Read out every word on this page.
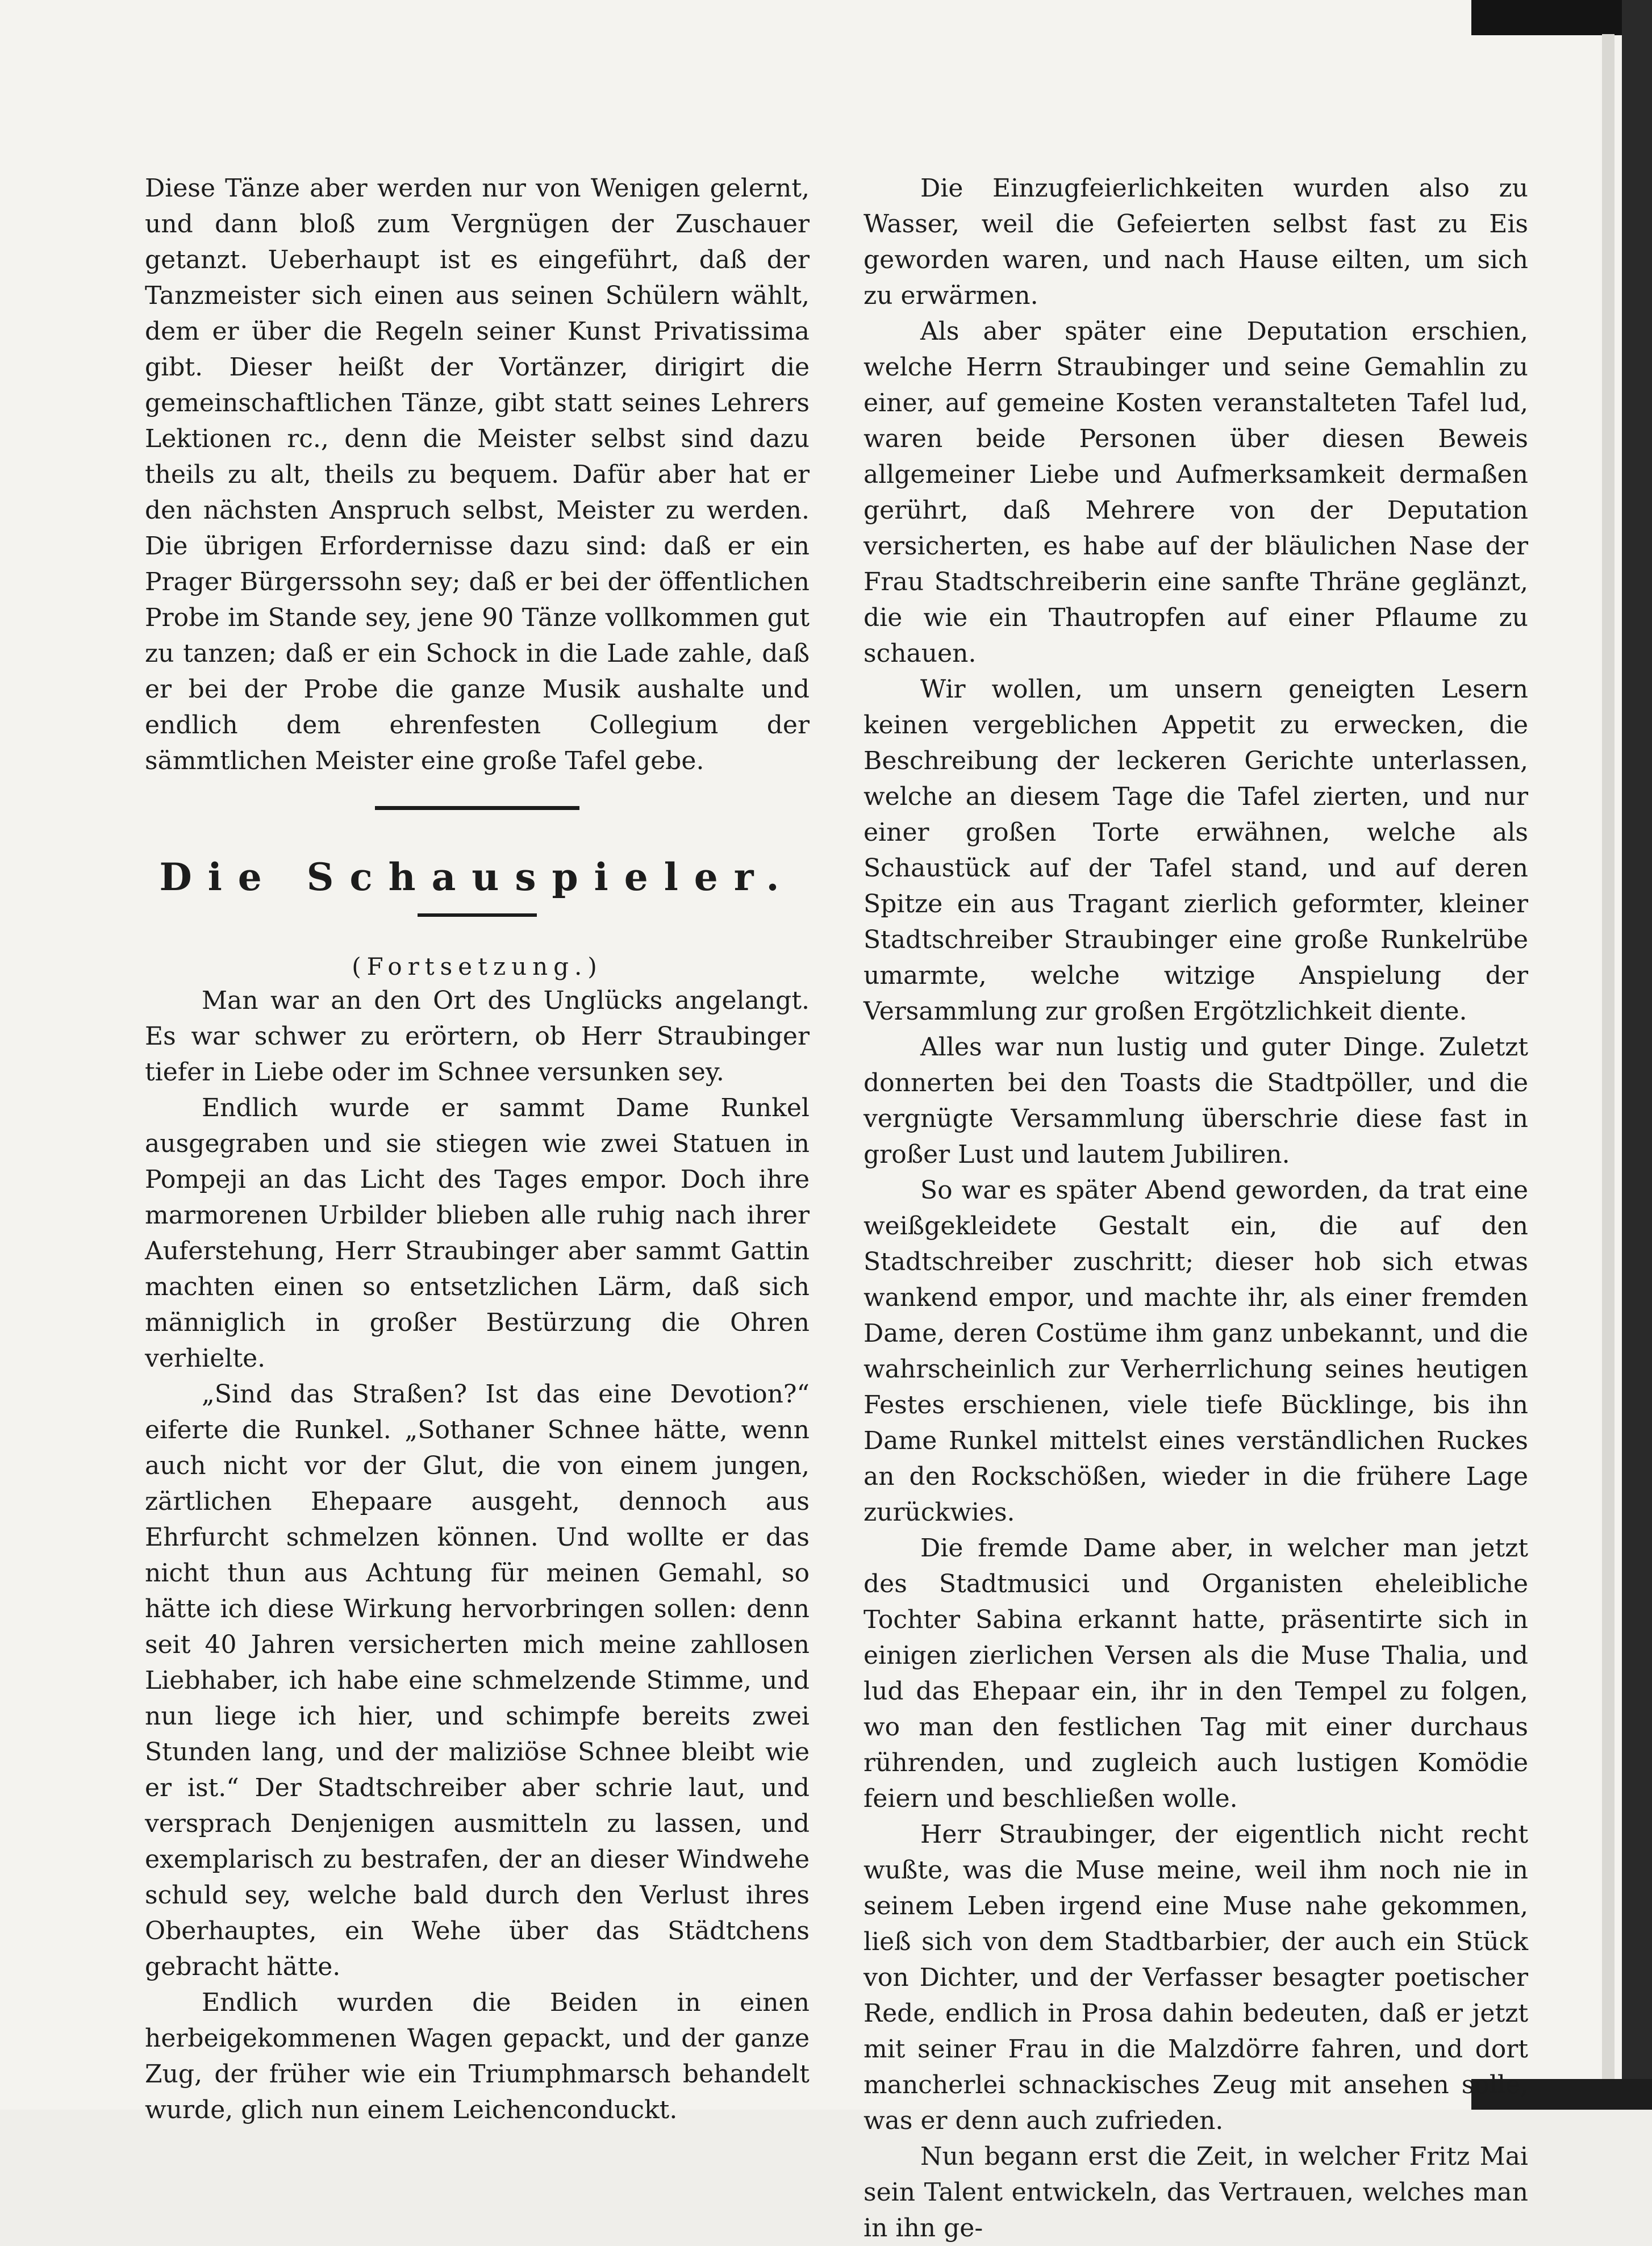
Diese Tänze aber werden nur von Wenigen gelernt, und dann bloß zum Vergnügen der Zuschauer getanzt. Ueberhaupt ist es eingeführt, daß der Tanzmeister sich einen aus seinen Schülern wählt, dem er über die Regeln seiner Kunst Privatissima gibt. Dieser heißt der Vortänzer, dirigirt die gemeinschaftlichen Tänze, gibt statt seines Lehrers Lektionen rc., denn die Meister selbst sind dazu theils zu alt, theils zu bequem. Dafür aber hat er den nächsten Anspruch selbst, Meister zu werden. Die übrigen Erfordernisse dazu sind: daß er ein Prager Bürgerssohn sey; daß er bei der öffentlichen Probe im Stande sey, jene 90 Tänze vollkommen gut zu tanzen; daß er ein Schock in die Lade zahle, daß er bei der Probe die ganze Musik aushalte und endlich dem ehrenfesten Collegium der sämmtlichen Meister eine große Tafel gebe.

Die Schauspieler.

(Fortsetzung.)

Man war an den Ort des Unglücks angelangt. Es war schwer zu erörtern, ob Herr Straubinger tiefer in Liebe oder im Schnee versunken sey.

Endlich wurde er sammt Dame Runkel ausgegraben und sie stiegen wie zwei Statuen in Pompeji an das Licht des Tages empor. Doch ihre marmorenen Urbilder blieben alle ruhig nach ihrer Auferstehung, Herr Straubinger aber sammt Gattin machten einen so entsetzlichen Lärm, daß sich männiglich in großer Bestürzung die Ohren verhielte.

„Sind das Straßen? Ist das eine Devotion?“ eiferte die Runkel. „Sothaner Schnee hätte, wenn auch nicht vor der Glut, die von einem jungen, zärtlichen Ehepaare ausgeht, dennoch aus Ehrfurcht schmelzen können. Und wollte er das nicht thun aus Achtung für meinen Gemahl, so hätte ich diese Wirkung hervorbringen sollen: denn seit 40 Jahren versicherten mich meine zahllosen Liebhaber, ich habe eine schmelzende Stimme, und nun liege ich hier, und schimpfe bereits zwei Stunden lang, und der maliziöse Schnee bleibt wie er ist.“ Der Stadtschreiber aber schrie laut, und versprach Denjenigen ausmitteln zu lassen, und exemplarisch zu bestrafen, der an dieser Windwehe schuld sey, welche bald durch den Verlust ihres Oberhauptes, ein Wehe über das Städtchens gebracht hätte.

Endlich wurden die Beiden in einen herbeigekommenen Wagen gepackt, und der ganze Zug, der früher wie ein Triumphmarsch behandelt wurde, glich nun einem Leichenconduckt.

Die Einzugfeierlichkeiten wurden also zu Wasser, weil die Gefeierten selbst fast zu Eis geworden waren, und nach Hause eilten, um sich zu erwärmen.

Als aber später eine Deputation erschien, welche Herrn Straubinger und seine Gemahlin zu einer, auf gemeine Kosten veranstalteten Tafel lud, waren beide Personen über diesen Beweis allgemeiner Liebe und Aufmerksamkeit dermaßen gerührt, daß Mehrere von der Deputation versicherten, es habe auf der bläulichen Nase der Frau Stadtschreiberin eine sanfte Thräne geglänzt, die wie ein Thautropfen auf einer Pflaume zu schauen.

Wir wollen, um unsern geneigten Lesern keinen vergeblichen Appetit zu erwecken, die Beschreibung der leckeren Gerichte unterlassen, welche an diesem Tage die Tafel zierten, und nur einer großen Torte erwähnen, welche als Schaustück auf der Tafel stand, und auf deren Spitze ein aus Tragant zierlich geformter, kleiner Stadtschreiber Straubinger eine große Runkelrübe umarmte, welche witzige Anspielung der Versammlung zur großen Ergötzlichkeit diente.

Alles war nun lustig und guter Dinge. Zuletzt donnerten bei den Toasts die Stadtpöller, und die vergnügte Versammlung überschrie diese fast in großer Lust und lautem Jubiliren.

So war es später Abend geworden, da trat eine weißgekleidete Gestalt ein, die auf den Stadtschreiber zuschritt; dieser hob sich etwas wankend empor, und machte ihr, als einer fremden Dame, deren Costüme ihm ganz unbekannt, und die wahrscheinlich zur Verherrlichung seines heutigen Festes erschienen, viele tiefe Bücklinge, bis ihn Dame Runkel mittelst eines verständlichen Ruckes an den Rockschößen, wieder in die frühere Lage zurückwies.

Die fremde Dame aber, in welcher man jetzt des Stadtmusici und Organisten eheleibliche Tochter Sabina erkannt hatte, präsentirte sich in einigen zierlichen Versen als die Muse Thalia, und lud das Ehepaar ein, ihr in den Tempel zu folgen, wo man den festlichen Tag mit einer durchaus rührenden, und zugleich auch lustigen Komödie feiern und beschließen wolle.

Herr Straubinger, der eigentlich nicht recht wußte, was die Muse meine, weil ihm noch nie in seinem Leben irgend eine Muse nahe gekommen, ließ sich von dem Stadtbarbier, der auch ein Stück von Dichter, und der Verfasser besagter poetischer Rede, endlich in Prosa dahin bedeuten, daß er jetzt mit seiner Frau in die Malzdörre fahren, und dort mancherlei schnackisches Zeug mit ansehen solle, was er denn auch zufrieden.

Nun begann erst die Zeit, in welcher Fritz Mai sein Talent entwickeln, das Vertrauen, welches man in ihn ge-
